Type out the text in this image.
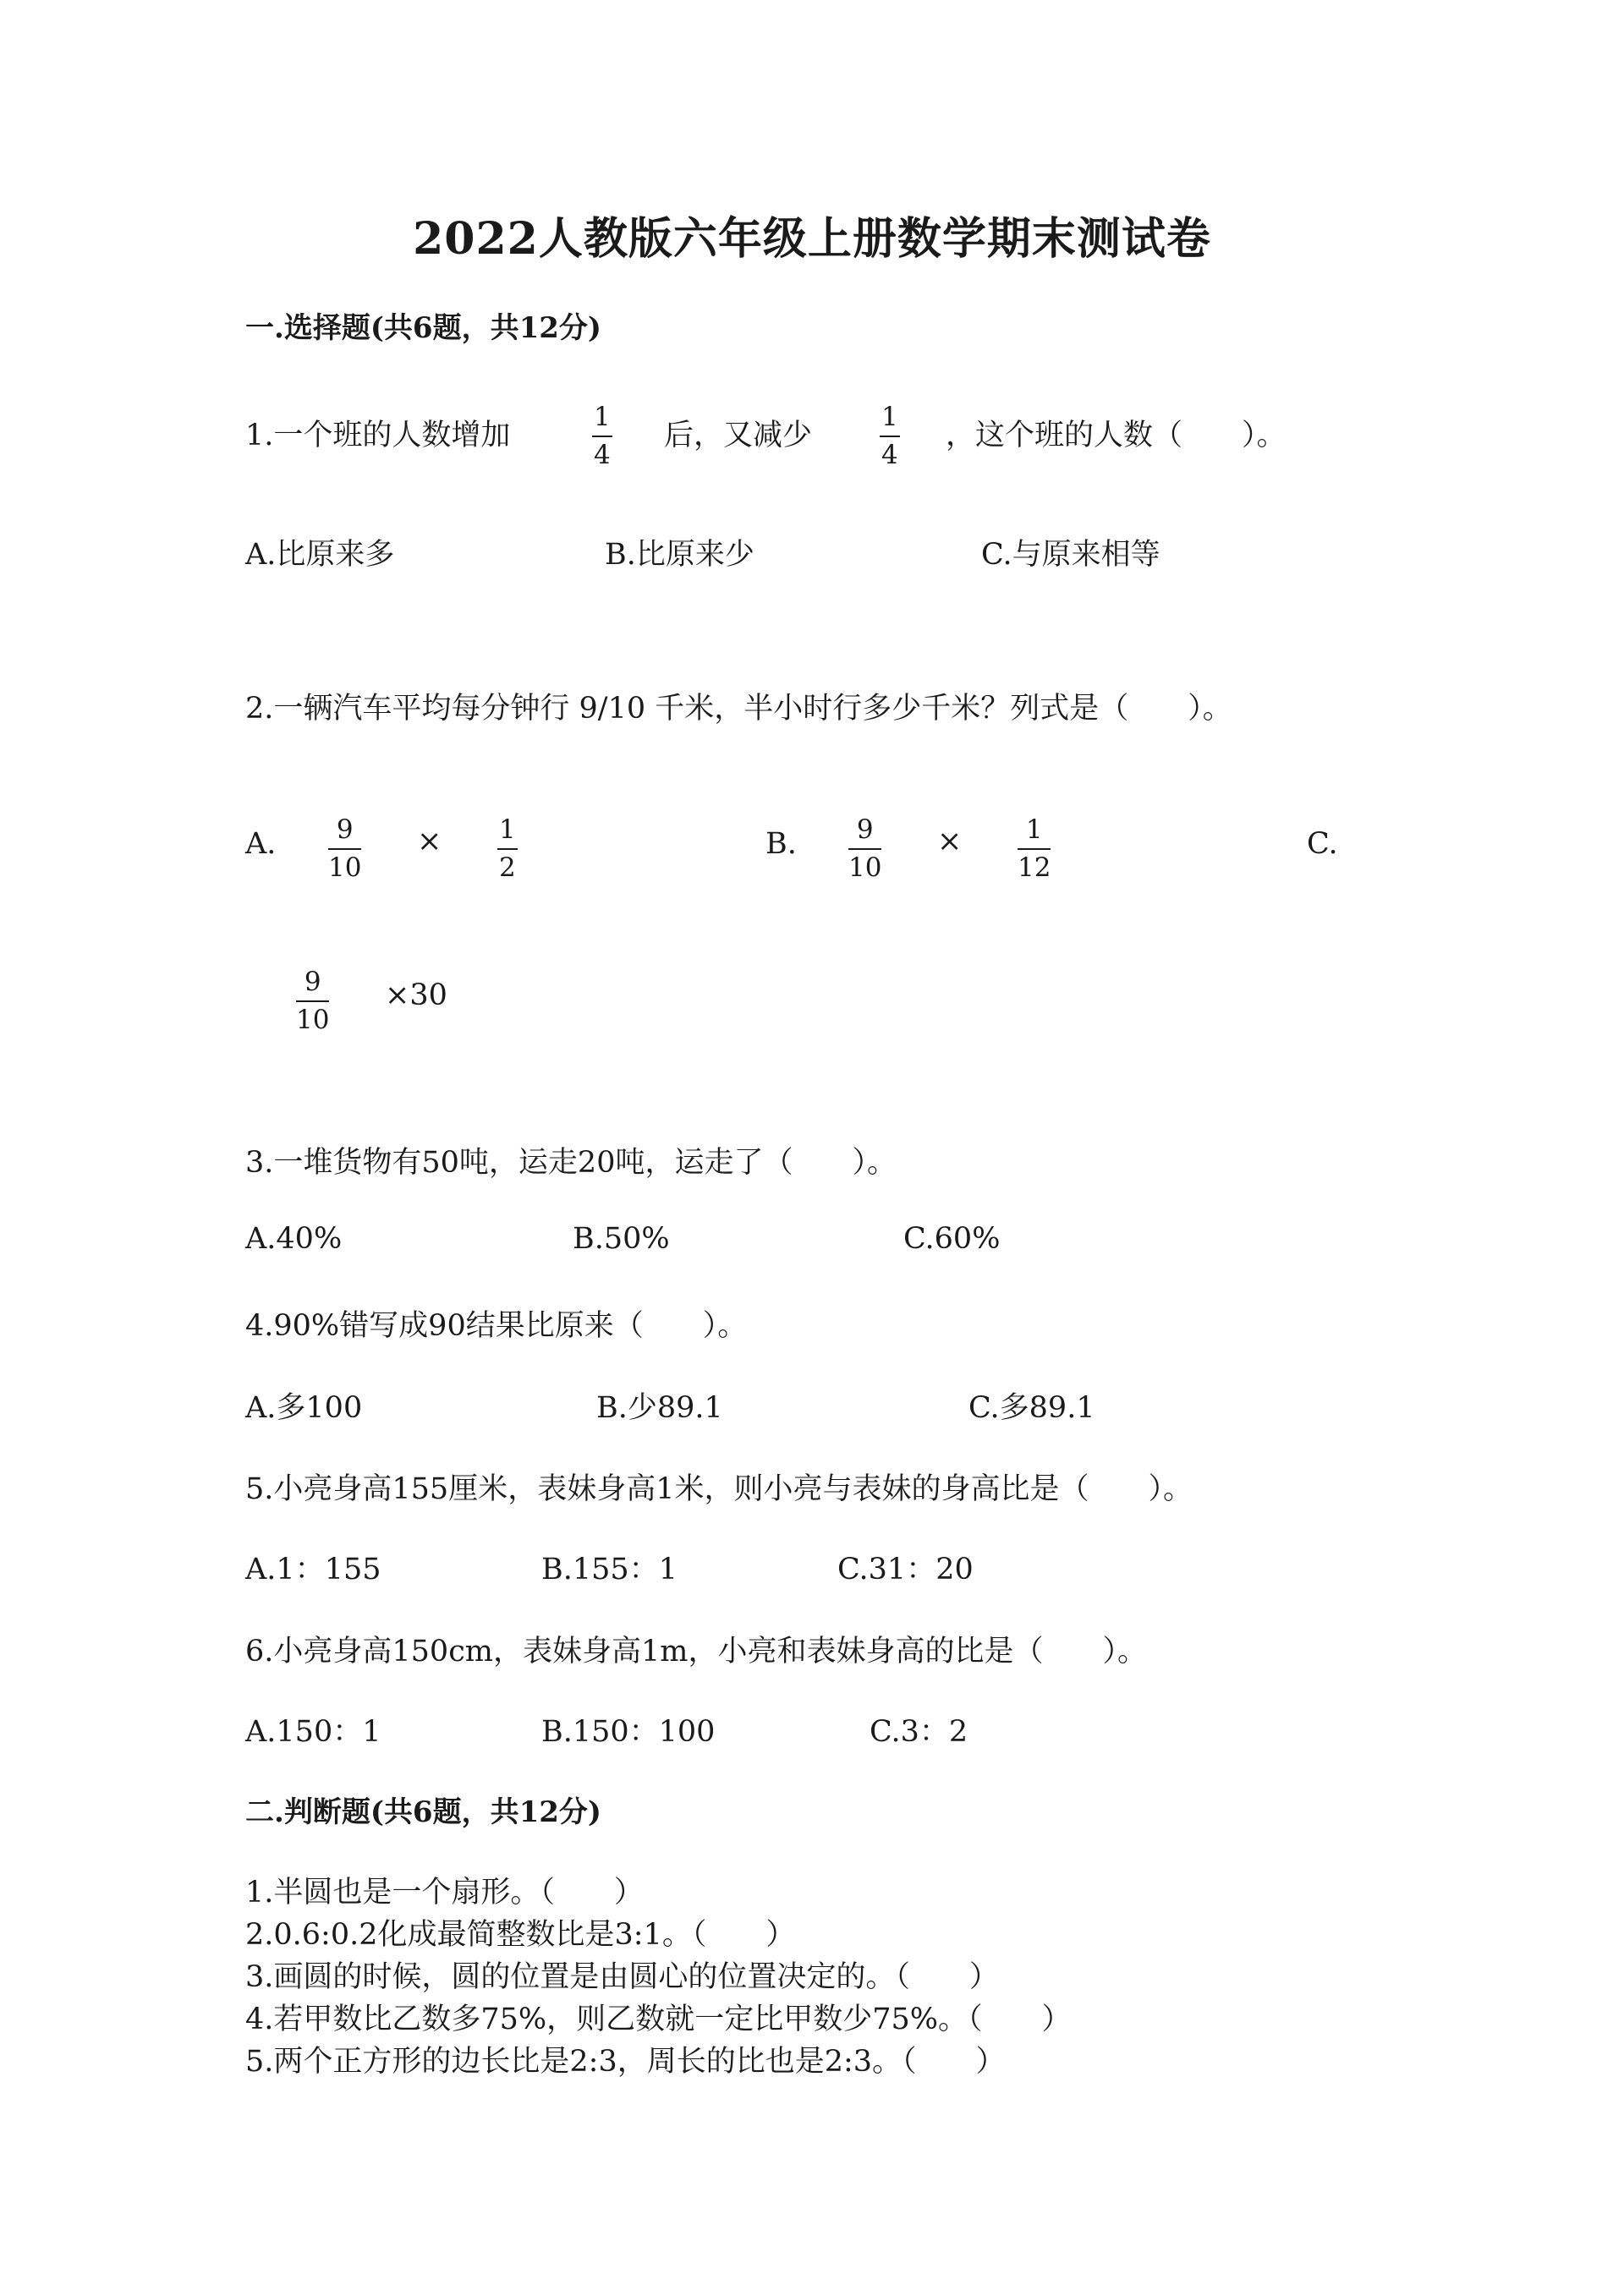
2022人教版六年级上册数学期末测试卷
一.选择题(共6题，共12分)
1.一个班的人数增加
1
4
后，又减少
1
4
，这个班的人数（　　）。
A.比原来多	B.比原来少	C.与原来相等
2.一辆汽车平均每分钟行 9/10 千米，半小时行多少千米？列式是（　　）。
A.	9
10
× 1
2
B.	9
10
×	1
12
C.
9
10
×30
3.一堆货物有50吨，运走20吨，运走了（　　）。
A.40%	B.50%	C.60%
4.90%错写成90结果比原来（　　）。
A.多100	B.少89.1	C.多89.1
5.小亮身高155厘米，表妹身高1米，则小亮与表妹的身高比是（　　）。
A.1：155	B.155：1	C.31：20
6.小亮身高150cm，表妹身高1m，小亮和表妹身高的比是（　　）。
A.150：1	B.150：100	C.3：2
二.判断题(共6题，共12分)
1.半圆也是一个扇形。（　　）
2.0.6:0.2化成最简整数比是3:1。（　　）
3.画圆的时候，圆的位置是由圆心的位置决定的。（　　）
4.若甲数比乙数多75%，则乙数就一定比甲数少75%。（　　）
5.两个正方形的边长比是2:3，周长的比也是2:3。（　　）
